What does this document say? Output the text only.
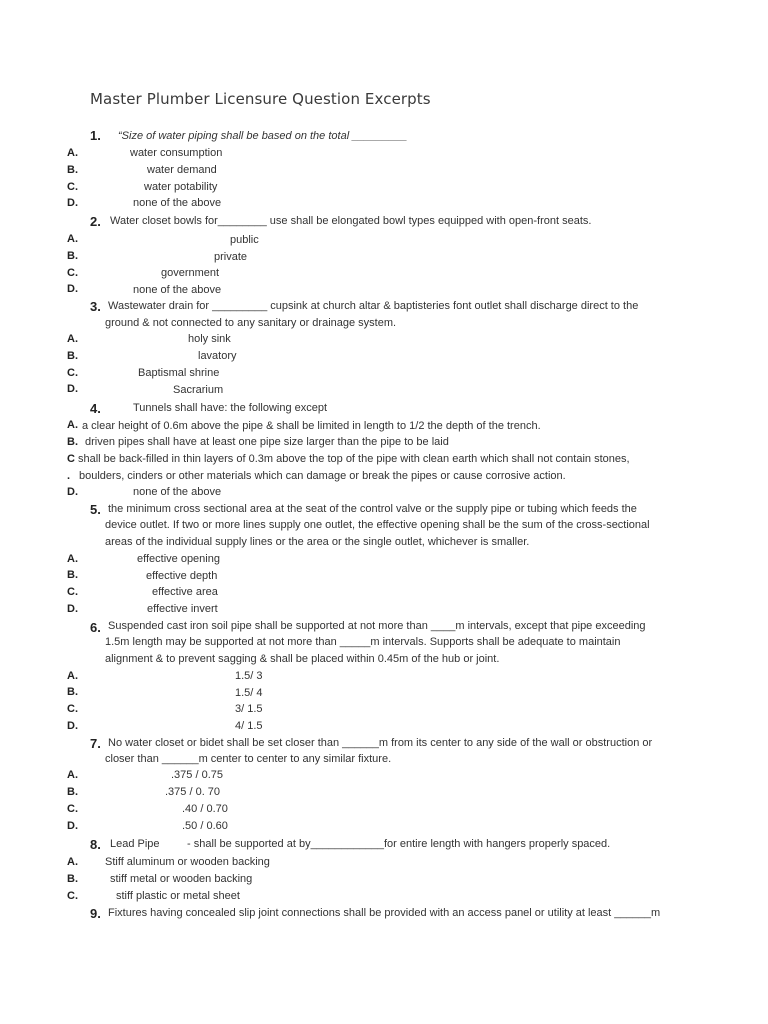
Master Plumber Licensure Question Excerpts
1. “Size of water piping shall be based on the total _________
A.	water consumption
B.	water demand
C.	water potability
D.	none of the above
2. Water closet bowls for________ use shall be elongated bowl types equipped with open-front seats.
A.	public
B.	private
C.	government
D.	none of the above
3. Wastewater drain for _________ cupsink at church altar & baptisteries font outlet shall discharge direct to the
ground & not connected to any sanitary or drainage system.
A.	holy sink
B.	lavatory
C.	Baptismal shrine
D.	Sacrarium
4.	Tunnels shall have: the following except
A. a clear height of 0.6m above the pipe & shall be limited in length to 1/2 the depth of the trench.
B. driven pipes shall have at least one pipe size larger than the pipe to be laid
C shall be back-filled in thin layers of 0.3m above the top of the pipe with clean earth which shall not contain stones,
. boulders, cinders or other materials which can damage or break the pipes or cause corrosive action.
D.	none of the above
5. the minimum cross sectional area at the seat of the control valve or the supply pipe or tubing which feeds the
device outlet. If two or more lines supply one outlet, the effective opening shall be the sum of the cross-sectional
areas of the individual supply lines or the area or the single outlet, whichever is smaller.
A.	effective opening
B.	effective depth
C.	effective area
D.	effective invert
6. Suspended cast iron soil pipe shall be supported at not more than ____m intervals, except that pipe exceeding
1.5m length may be supported at not more than _____m intervals. Supports shall be adequate to maintain
alignment & to prevent sagging & shall be placed within 0.45m of the hub or joint.
A.	1.5/ 3
B.	1.5/ 4
C.	3/ 1.5
D.	4/ 1.5
7. No water closet or bidet shall be set closer than ______m from its center to any side of the wall or obstruction or
closer than ______m center to center to any similar fixture.
A.	.375 / 0.75
B.	.375 / 0. 70
C.	.40 / 0.70
D.	.50 / 0.60
8. Lead Pipe         - shall be supported at by____________for entire length with hangers properly spaced.
A. Stiff aluminum or wooden backing
B.	stiff metal or wooden backing
C.	stiff plastic or metal sheet
9. Fixtures having concealed slip joint connections shall be provided with an access panel or utility at least ______m
